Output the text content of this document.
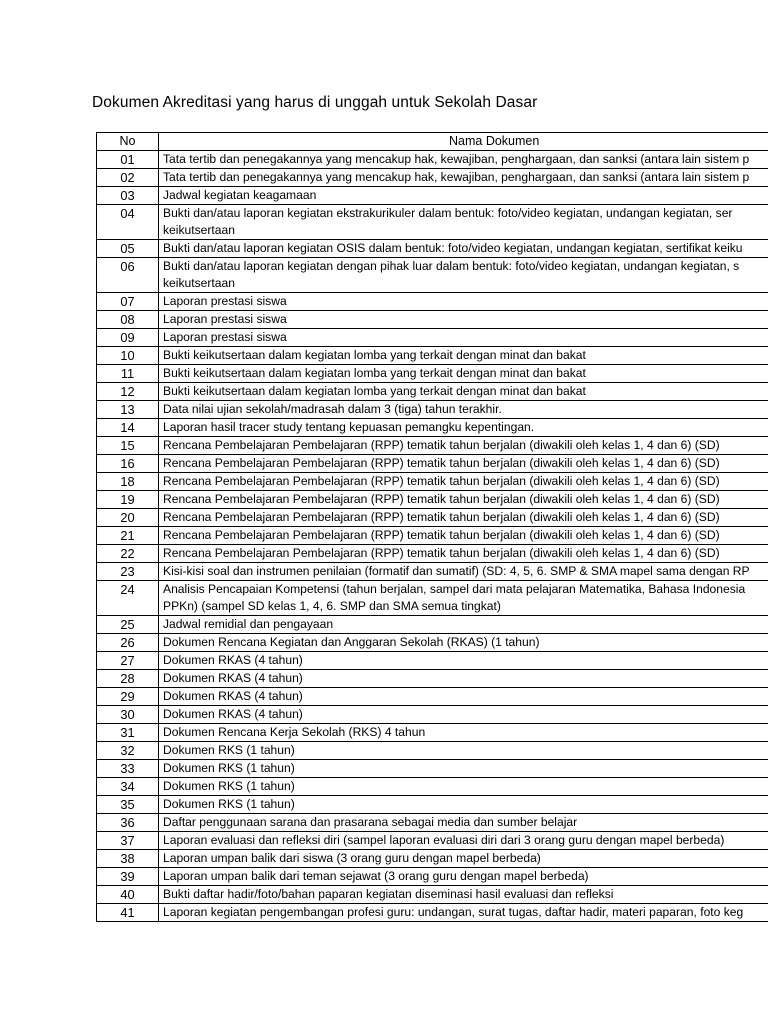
Dokumen Akreditasi yang harus di unggah untuk Sekolah Dasar
No	Nama Dokumen
01	Tata tertib dan penegakannya yang mencakup hak, kewajiban, penghargaan, dan sanksi (antara lain sistem p
02	Tata tertib dan penegakannya yang mencakup hak, kewajiban, penghargaan, dan sanksi (antara lain sistem p
03	Jadwal kegiatan keagamaan
04	Bukti dan/atau laporan kegiatan ekstrakurikuler dalam bentuk: foto/video kegiatan, undangan kegiatan, ser
keikutsertaan
05	Bukti dan/atau laporan kegiatan OSIS dalam bentuk: foto/video kegiatan, undangan kegiatan, sertifikat keiku
06	Bukti dan/atau laporan kegiatan dengan pihak luar dalam bentuk: foto/video kegiatan, undangan kegiatan, s
keikutsertaan
07	Laporan prestasi siswa
08	Laporan prestasi siswa
09	Laporan prestasi siswa
10	Bukti keikutsertaan dalam kegiatan lomba yang terkait dengan minat dan bakat
11	Bukti keikutsertaan dalam kegiatan lomba yang terkait dengan minat dan bakat
12	Bukti keikutsertaan dalam kegiatan lomba yang terkait dengan minat dan bakat
13	Data nilai ujian sekolah/madrasah dalam 3 (tiga) tahun terakhir.
14	Laporan hasil tracer study tentang kepuasan pemangku kepentingan.
15	Rencana Pembelajaran Pembelajaran (RPP) tematik tahun berjalan (diwakili oleh kelas 1, 4 dan 6) (SD)
16	Rencana Pembelajaran Pembelajaran (RPP) tematik tahun berjalan (diwakili oleh kelas 1, 4 dan 6) (SD)
18	Rencana Pembelajaran Pembelajaran (RPP) tematik tahun berjalan (diwakili oleh kelas 1, 4 dan 6) (SD)
19	Rencana Pembelajaran Pembelajaran (RPP) tematik tahun berjalan (diwakili oleh kelas 1, 4 dan 6) (SD)
20	Rencana Pembelajaran Pembelajaran (RPP) tematik tahun berjalan (diwakili oleh kelas 1, 4 dan 6) (SD)
21	Rencana Pembelajaran Pembelajaran (RPP) tematik tahun berjalan (diwakili oleh kelas 1, 4 dan 6) (SD)
22	Rencana Pembelajaran Pembelajaran (RPP) tematik tahun berjalan (diwakili oleh kelas 1, 4 dan 6) (SD)
23	Kisi-kisi soal dan instrumen penilaian (formatif dan sumatif) (SD: 4, 5, 6. SMP & SMA mapel sama dengan RP
24	Analisis Pencapaian Kompetensi (tahun berjalan, sampel dari mata pelajaran Matematika, Bahasa Indonesia
PPKn) (sampel SD kelas 1, 4, 6. SMP dan SMA semua tingkat)
25	Jadwal remidial dan pengayaan
26	Dokumen Rencana Kegiatan dan Anggaran Sekolah (RKAS) (1 tahun)
27	Dokumen RKAS (4 tahun)
28	Dokumen RKAS (4 tahun)
29	Dokumen RKAS (4 tahun)
30	Dokumen RKAS (4 tahun)
31	Dokumen Rencana Kerja Sekolah (RKS) 4 tahun
32	Dokumen RKS (1 tahun)
33	Dokumen RKS (1 tahun)
34	Dokumen RKS (1 tahun)
35	Dokumen RKS (1 tahun)
36	Daftar penggunaan sarana dan prasarana sebagai media dan sumber belajar
37	Laporan evaluasi dan refleksi diri (sampel laporan evaluasi diri dari 3 orang guru dengan mapel berbeda)
38	Laporan umpan balik dari siswa (3 orang guru dengan mapel berbeda)
39	Laporan umpan balik dari teman sejawat (3 orang guru dengan mapel berbeda)
40	Bukti daftar hadir/foto/bahan paparan kegiatan diseminasi hasil evaluasi dan refleksi
41	Laporan kegiatan pengembangan profesi guru: undangan, surat tugas, daftar hadir, materi paparan, foto keg
